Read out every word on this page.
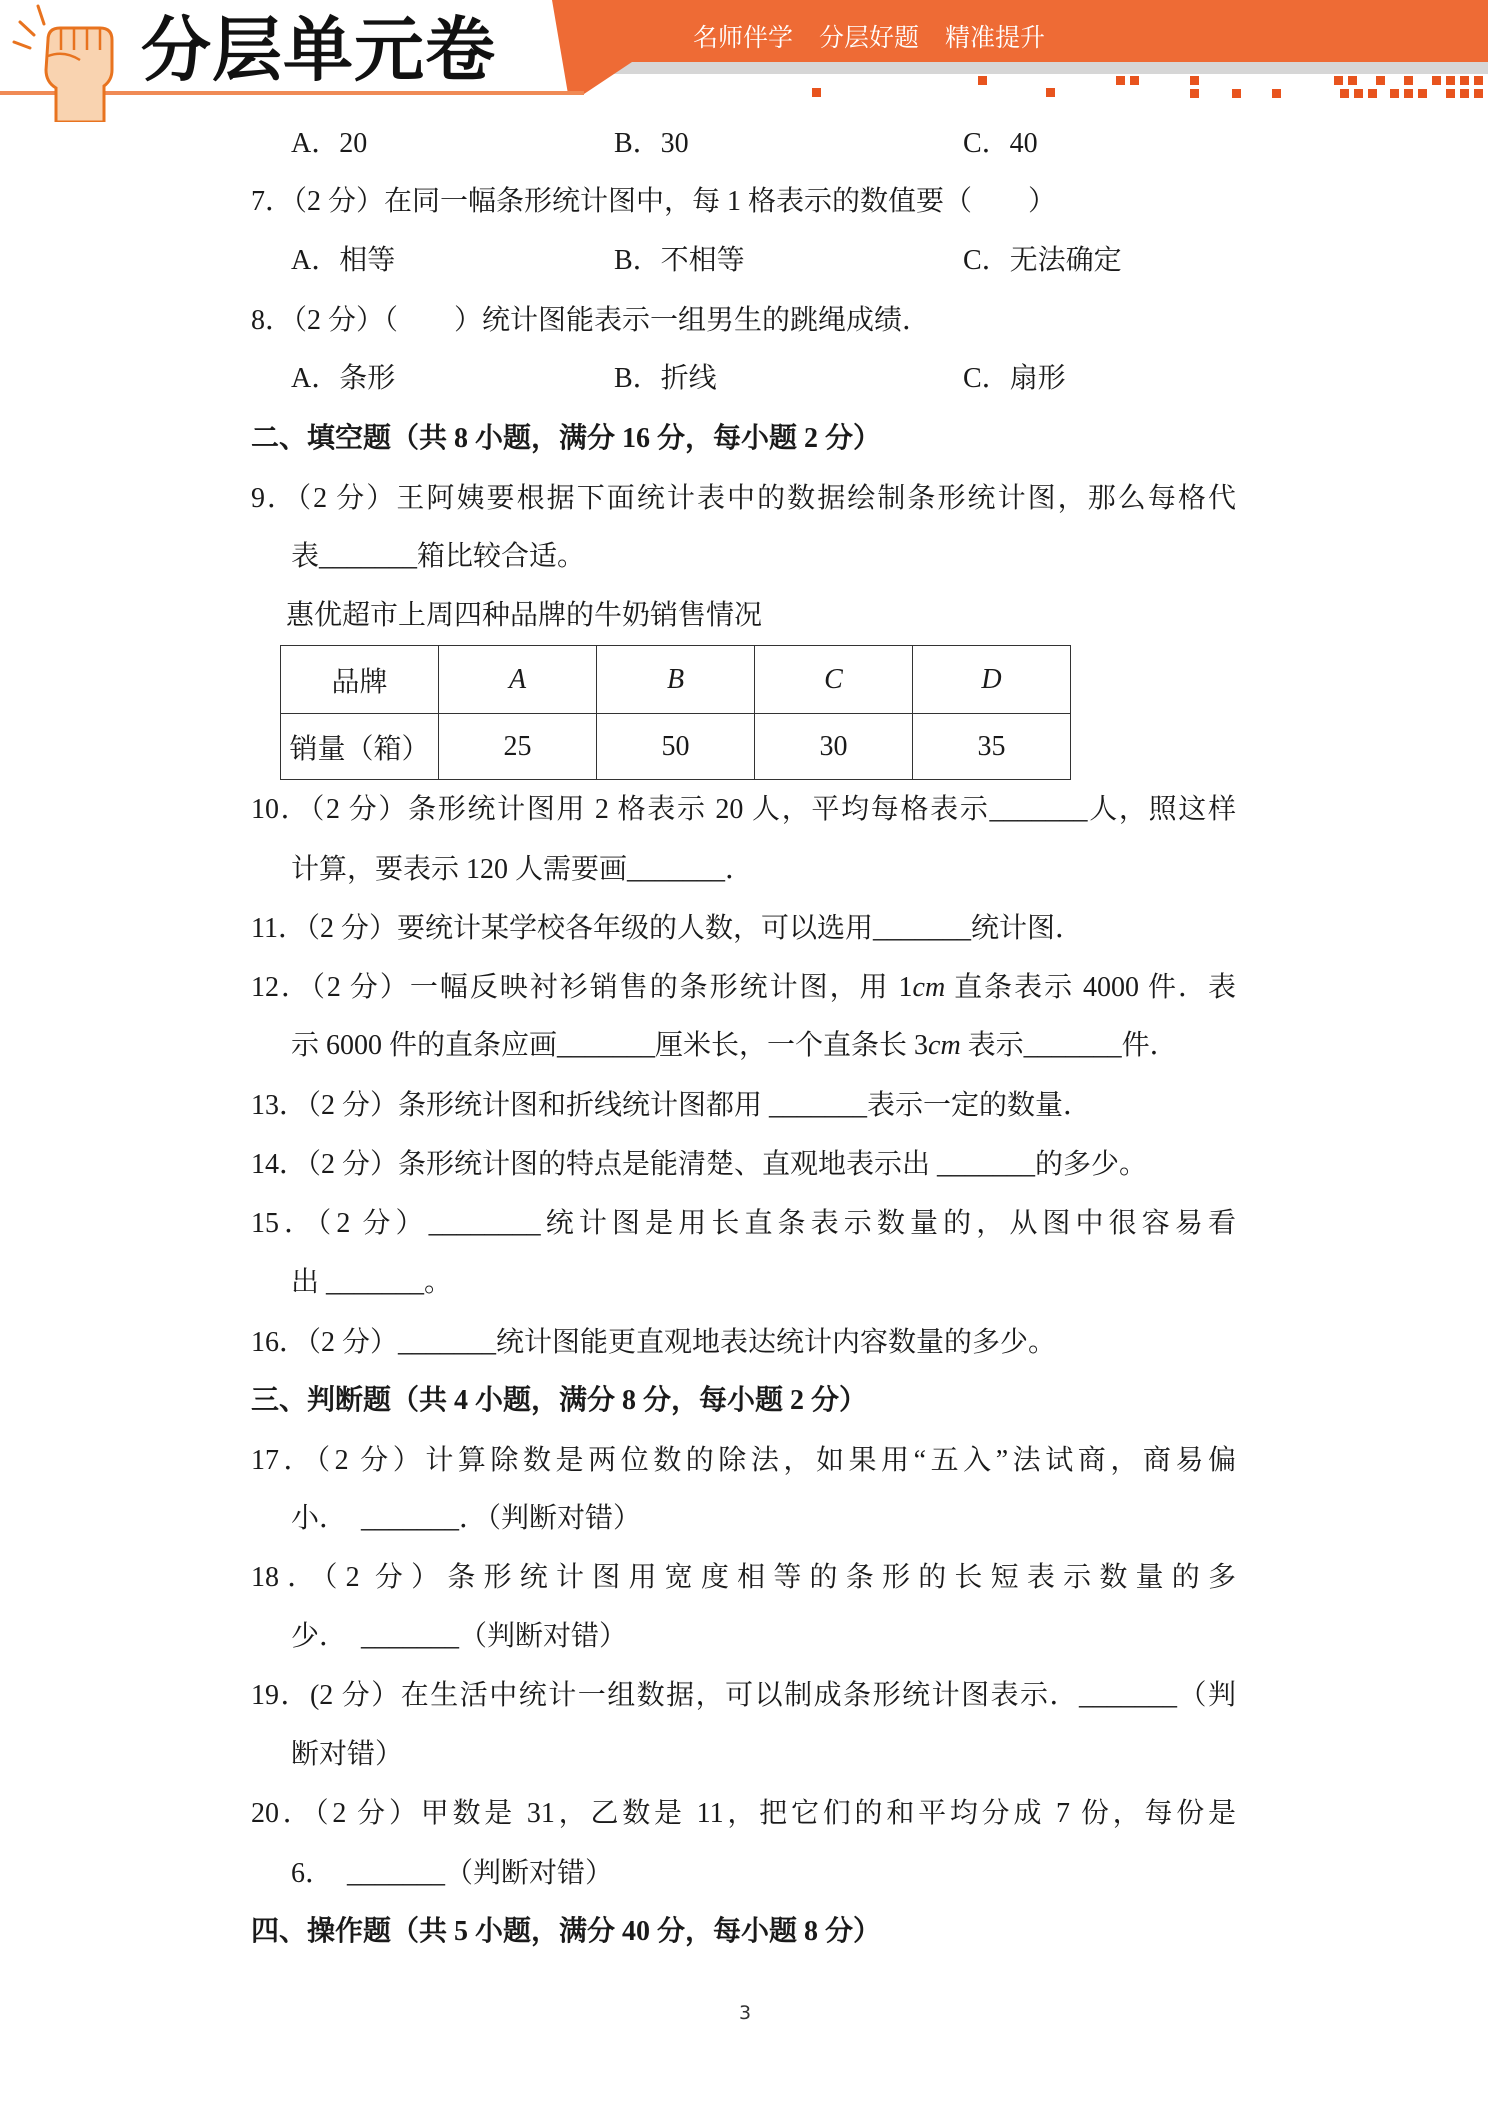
分层单元卷	名师伴学 分层好题 精准提升
A．20	B．30	C．40
7．（2 分）在同一幅条形统计图中，每 1 格表示的数值要（　　）
A．相等	B．不相等	C．无法确定
8．（2 分）（　　）统计图能表示一组男生的跳绳成绩．
A．条形	B．折线	C．扇形
二、填空题（共 8 小题，满分 16 分，每小题 2 分）
9．（2 分）王阿姨要根据下面统计表中的数据绘制条形统计图，那么每格代
表_______箱比较合适。
惠优超市上周四种品牌的牛奶销售情况
品牌	A	B	C	D
销量（箱）	25	50	30	35
10．（2 分）条形统计图用 2 格表示 20 人，平均每格表示_______人，照这样
计算，要表示 120 人需要画_______．
11．（2 分）要统计某学校各年级的人数，可以选用_______统计图．
12．（2 分）一幅反映衬衫销售的条形统计图，用 1cm 直条表示 4000 件．表
示 6000 件的直条应画_______厘米长，一个直条长 3cm 表示_______件．
13．（2 分）条形统计图和折线统计图都用 _______表示一定的数量．
14．（2 分）条形统计图的特点是能清楚、直观地表示出 _______的多少。
15．（2 分）________统计图是用长直条表示数量的，从图中很容易看
出 _______。
16．（2 分）_______统计图能更直观地表达统计内容数量的多少。
三、判断题（共 4 小题，满分 8 分，每小题 2 分）
17．（2 分）计算除数是两位数的除法，如果用“五入”法试商，商易偏
小．  _______．（判断对错）
18．（2 分）条形统计图用宽度相等的条形的长短表示数量的多
少．  _______（判断对错）
19．(2 分）在生活中统计一组数据，可以制成条形统计图表示．_______（判
断对错）
20．（2 分）甲数是 31，乙数是 11，把它们的和平均分成 7 份，每份是
6．  _______（判断对错）
四、操作题（共 5 小题，满分 40 分，每小题 8 分）
3
